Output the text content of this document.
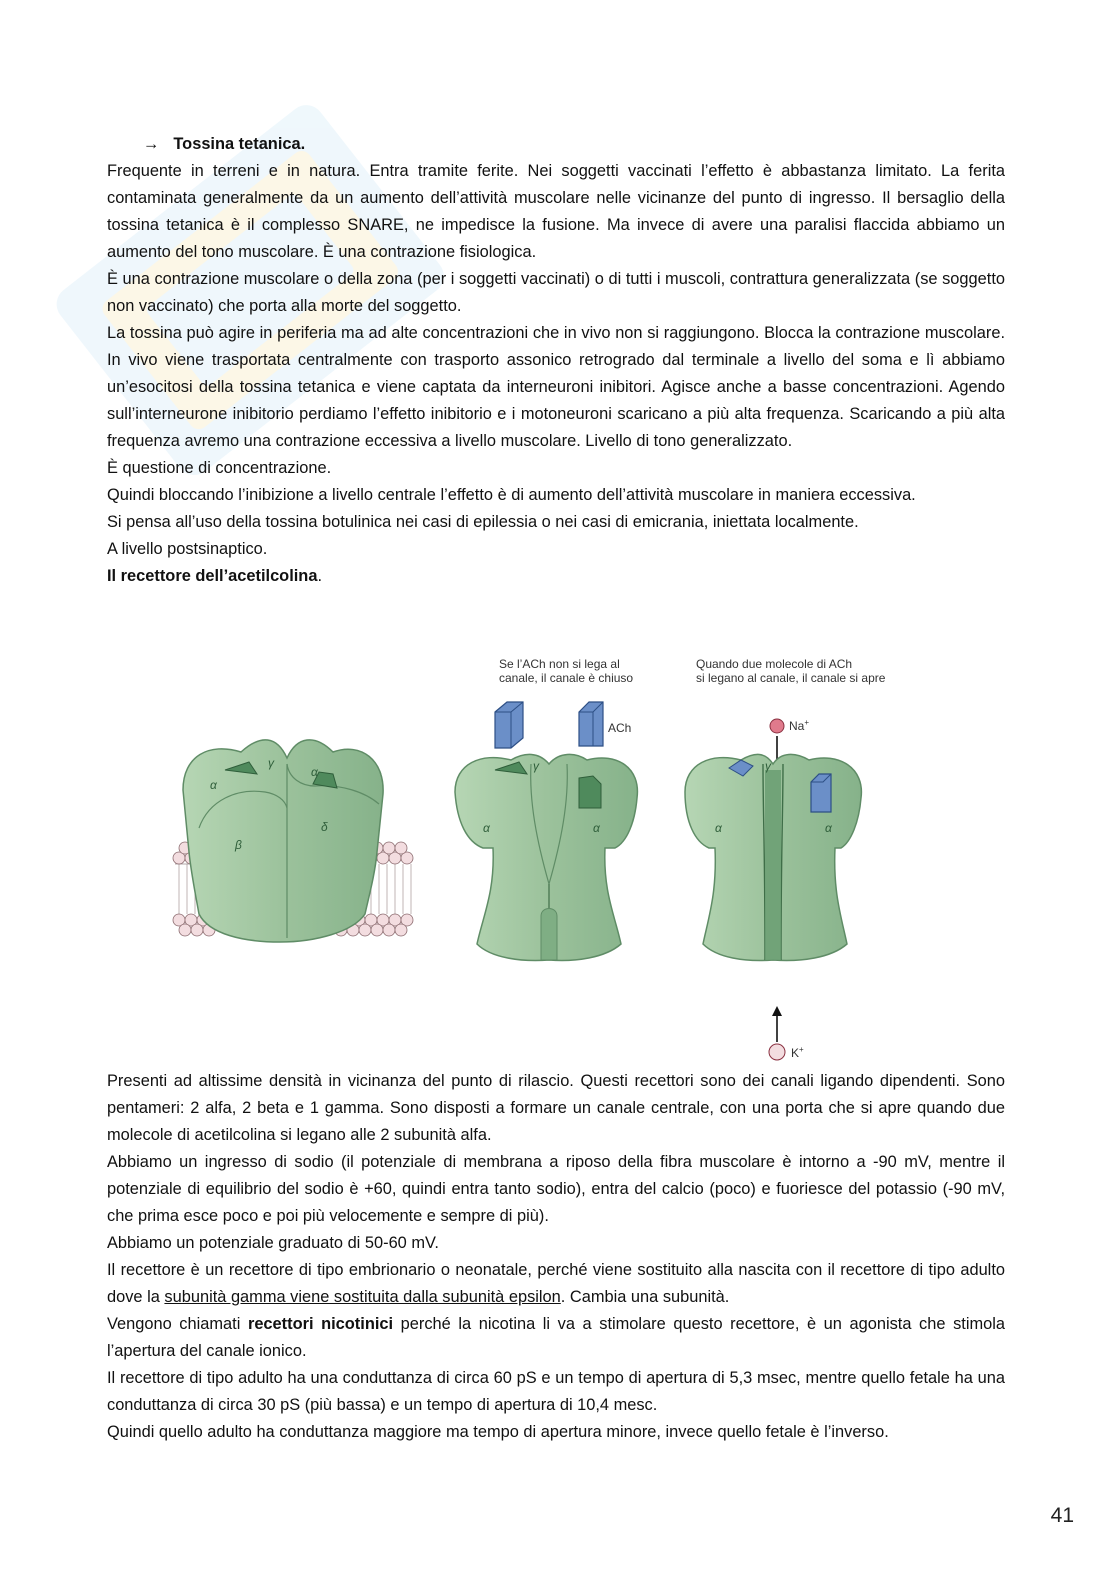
→ Tossina tetanica.

Frequente in terreni e in natura. Entra tramite ferite. Nei soggetti vaccinati l’effetto è abbastanza limitato. La ferita contaminata generalmente da un aumento dell’attività muscolare nelle vicinanze del punto di ingresso. Il bersaglio della tossina tetanica è il complesso SNARE, ne impedisce la fusione. Ma invece di avere una paralisi flaccida abbiamo un aumento del tono muscolare. È una contrazione fisiologica.

È una contrazione muscolare o della zona (per i soggetti vaccinati) o di tutti i muscoli, contrattura generalizzata (se soggetto non vaccinato) che porta alla morte del soggetto.

La tossina può agire in periferia ma ad alte concentrazioni che in vivo non si raggiungono. Blocca la contrazione muscolare. In vivo viene trasportata centralmente con trasporto assonico retrogrado dal terminale a livello del soma e lì abbiamo un’esocitosi della tossina tetanica e viene captata da interneuroni inibitori. Agisce anche a basse concentrazioni. Agendo sull’interneurone inibitorio perdiamo l’effetto inibitorio e i motoneuroni scaricano a più alta frequenza. Scaricando a più alta frequenza avremo una contrazione eccessiva a livello muscolare. Livello di tono generalizzato.

È questione di concentrazione.

Quindi bloccando l’inibizione a livello centrale l’effetto è di aumento dell’attività muscolare in maniera eccessiva.

Si pensa all’uso della tossina botulinica nei casi di epilessia o nei casi di emicrania, iniettata localmente.

A livello postsinaptico.

Il recettore dell’acetilcolina.

Se l’ACh non si lega al
canale, il canale è chiuso
Quando due molecole di ACh
si legano al canale, il canale si apre
α
γ
α
β
δ
ACh
γ
α	α
Na+
γ
α	α
K+

Presenti ad altissime densità in vicinanza del punto di rilascio. Questi recettori sono dei canali ligando dipendenti. Sono pentameri: 2 alfa, 2 beta e 1 gamma. Sono disposti a formare un canale centrale, con una porta che si apre quando due molecole di acetilcolina si legano alle 2 subunità alfa.

Abbiamo un ingresso di sodio (il potenziale di membrana a riposo della fibra muscolare è intorno a -90 mV, mentre il potenziale di equilibrio del sodio è +60, quindi entra tanto sodio), entra del calcio (poco) e fuoriesce del potassio (-90 mV, che prima esce poco e poi più velocemente e sempre di più).

Abbiamo un potenziale graduato di 50-60 mV.

Il recettore è un recettore di tipo embrionario o neonatale, perché viene sostituito alla nascita con il recettore di tipo adulto dove la subunità gamma viene sostituita dalla subunità epsilon. Cambia una subunità.

Vengono chiamati recettori nicotinici perché la nicotina li va a stimolare questo recettore, è un agonista che stimola l’apertura del canale ionico.

Il recettore di tipo adulto ha una conduttanza di circa 60 pS e un tempo di apertura di 5,3 msec, mentre quello fetale ha una conduttanza di circa 30 pS (più bassa) e un tempo di apertura di 10,4 mesc.

Quindi quello adulto ha conduttanza maggiore ma tempo di apertura minore, invece quello fetale è l’inverso.

41
